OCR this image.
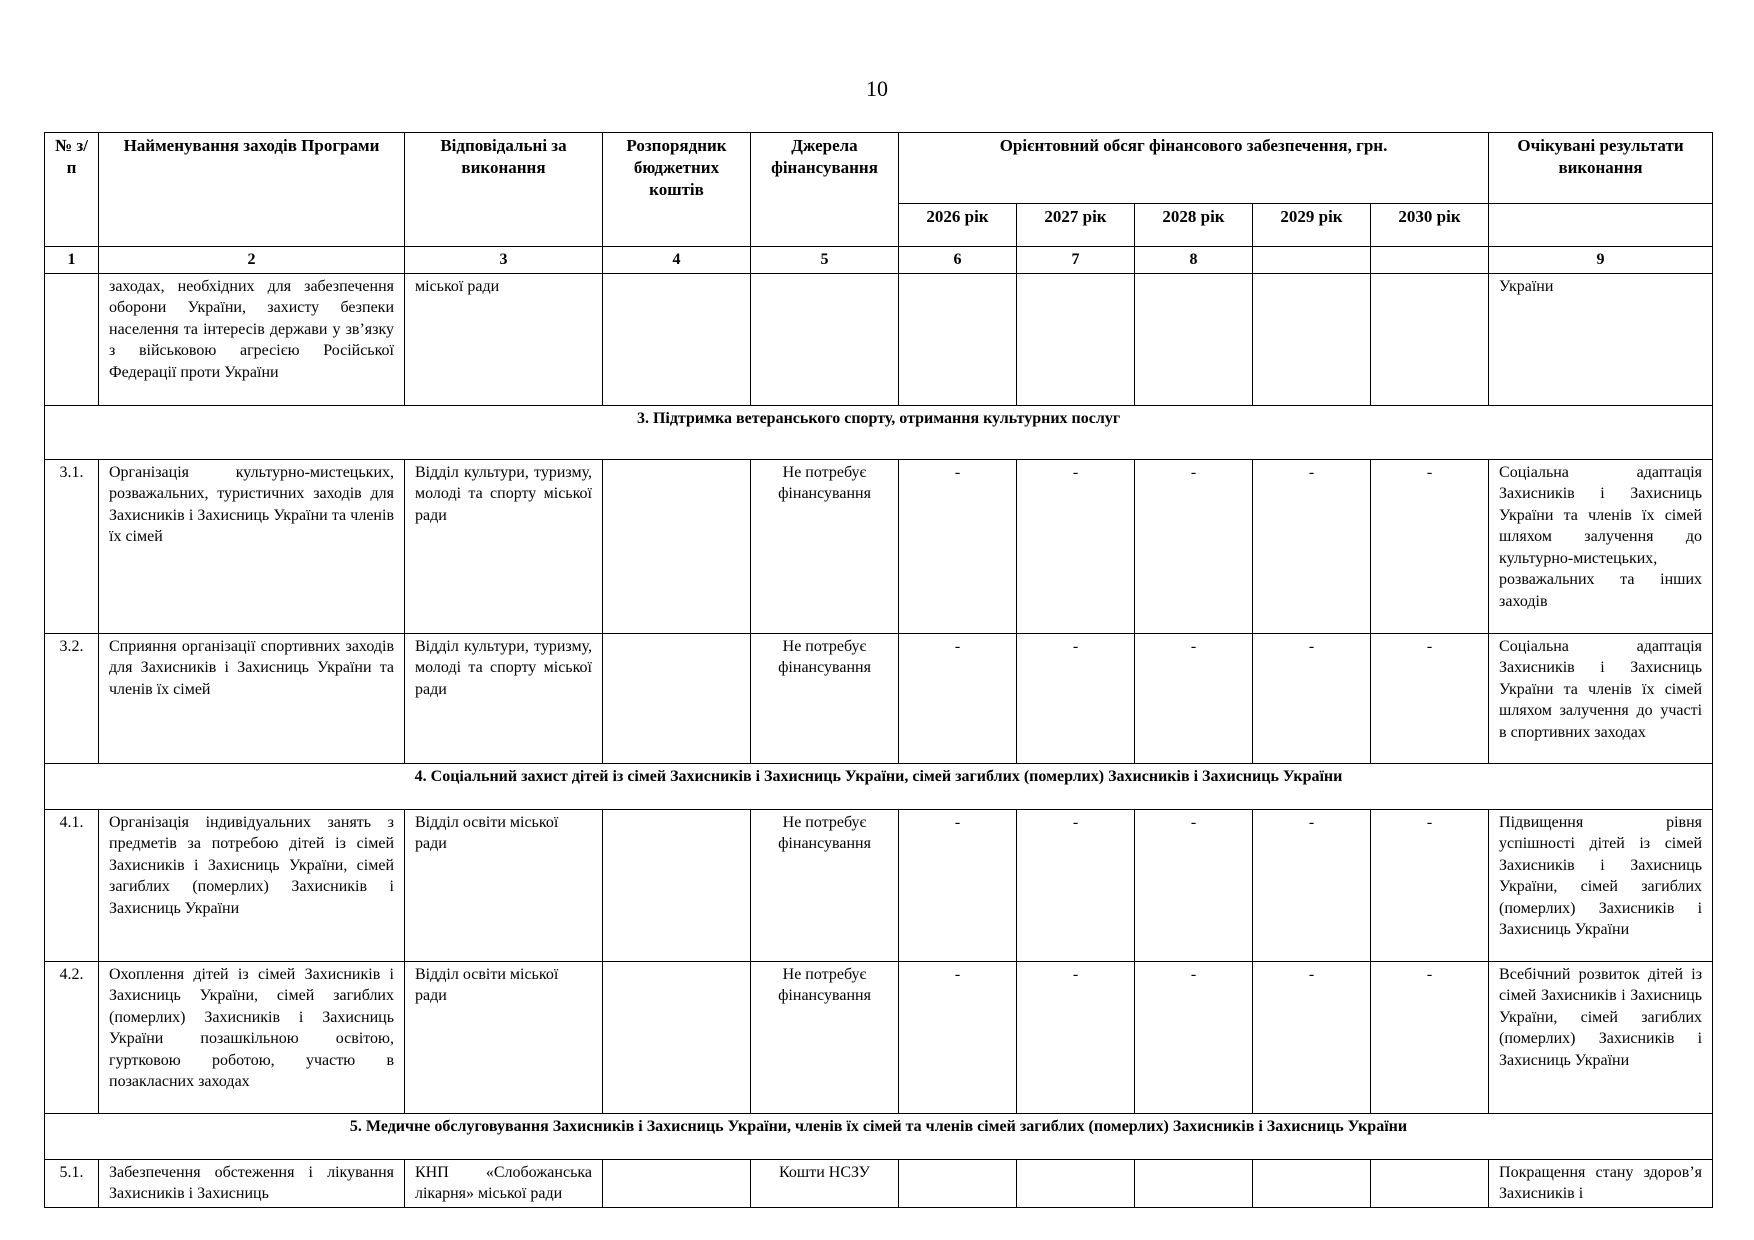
10
№ з/п	Найменування заходів Програми	Відповідальні за виконання	Розпорядник бюджетних коштів	Джерела фінансування	Орієнтовний обсяг фінансового забезпечення, грн.					Очікувані результати виконання
					2026 рік	2027 рік	2028 рік	2029 рік	2030 рік	
1	2	3	4	5	6	7	8			9
	заходах, необхідних для забезпечення оборони України, захисту безпеки населення та інтересів держави у зв’язку з військовою агресією Російської Федерації проти України	міської ради								України
3. Підтримка ветеранського спорту, отримання культурних послуг										
3.1.	Організація культурно-мистецьких, розважальних, туристичних заходів для Захисників і Захисниць України та членів їх сімей	Відділ культури, туризму, молоді та спорту міської ради		Не потребує фінансування	-	-	-	-	-	Соціальна адаптація Захисників і Захисниць України та членів їх сімей шляхом залучення до культурно-мистецьких, розважальних та інших заходів
3.2.	Сприяння організації спортивних заходів для Захисників і Захисниць України та членів їх сімей	Відділ культури, туризму, молоді та спорту міської ради		Не потребує фінансування	-	-	-	-	-	Соціальна адаптація Захисників і Захисниць України та членів їх сімей шляхом залучення до участі в спортивних заходах
4. Соціальний захист дітей із сімей Захисників і Захисниць України, сімей загиблих (померлих) Захисників і Захисниць України										
4.1.	Організація індивідуальних занять з предметів за потребою дітей із сімей Захисників і Захисниць України, сімей загиблих (померлих) Захисників і Захисниць України	Відділ освіти міської ради		Не потребує фінансування	-	-	-	-	-	Підвищення рівня успішності дітей із сімей Захисників і Захисниць України, сімей загиблих (померлих) Захисників і Захисниць України
4.2.	Охоплення дітей із сімей Захисників і Захисниць України, сімей загиблих (померлих) Захисників і Захисниць України позашкільною освітою, гуртковою роботою, участю в позакласних заходах	Відділ освіти міської ради		Не потребує фінансування	-	-	-	-	-	Всебічний розвиток дітей із сімей Захисників і Захисниць України, сімей загиблих (померлих) Захисників і Захисниць України
5. Медичне обслуговування Захисників і Захисниць України, членів їх сімей та членів сімей загиблих (померлих) Захисників і Захисниць України										
5.1.	Забезпечення обстеження і лікування Захисників і Захисниць	КНП «Слобожанська лікарня» міської ради		Кошти НСЗУ						Покращення стану здоров’я Захисників і
